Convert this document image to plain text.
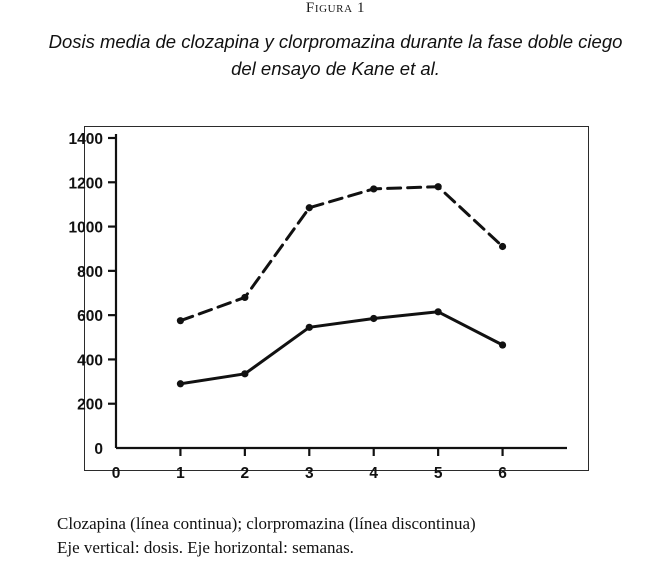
Figura 1
Dosis media de clozapina y clorpromazina durante la fase doble ciego
del ensayo de Kane et al.
0
200
400
600
800
1000
1200
1400
0	1	2	3	4	5	6
Clozapina (línea continua); clorpromazina (línea discontinua)
Eje vertical: dosis. Eje horizontal: semanas.
